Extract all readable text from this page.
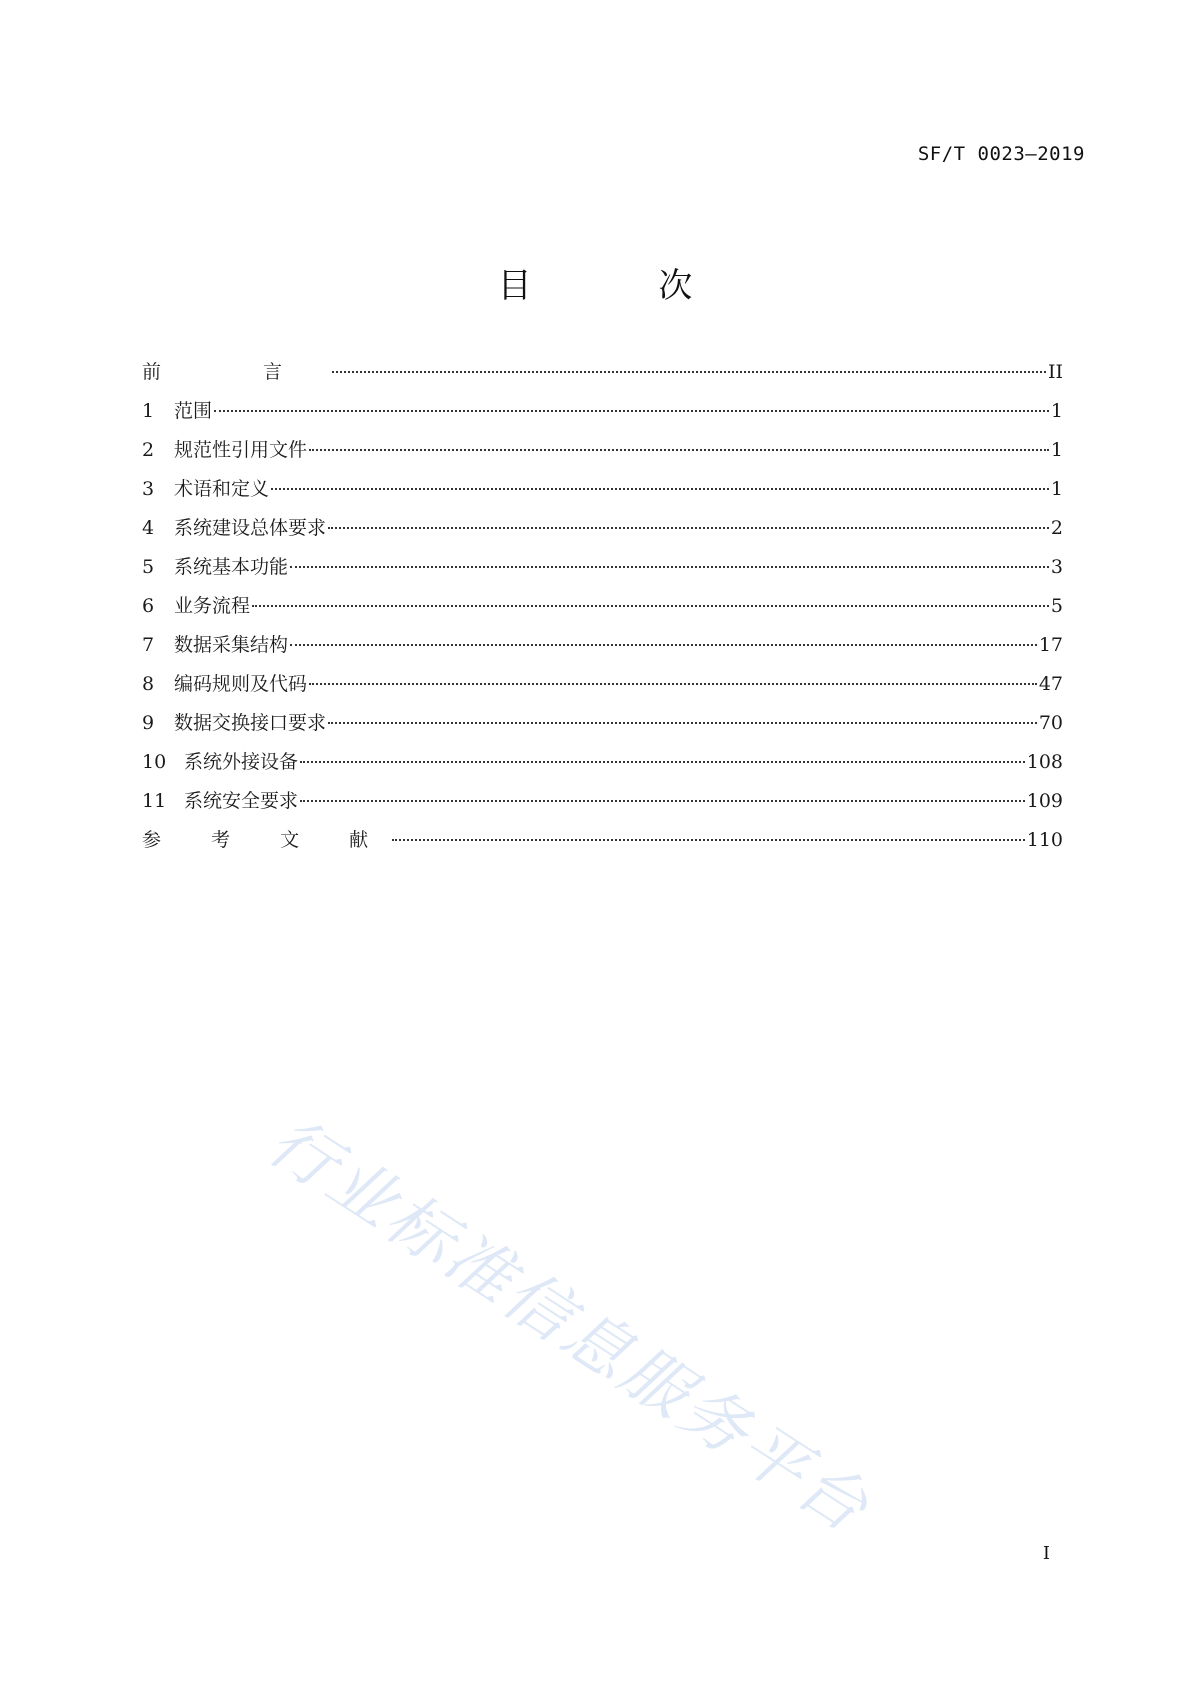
SF/T 0023—2019
目 次
前 言	II
1	范围	1
2	规范性引用文件	1
3	术语和定义	1
4	系统建设总体要求	2
5	系统基本功能	3
6	业务流程	5
7	数据采集结构	17
8	编码规则及代码	47
9	数据交换接口要求	70
10 系统外接设备	108
11 系统安全要求	109
参 考 文 献	110
行业标准信息服务平台
I
